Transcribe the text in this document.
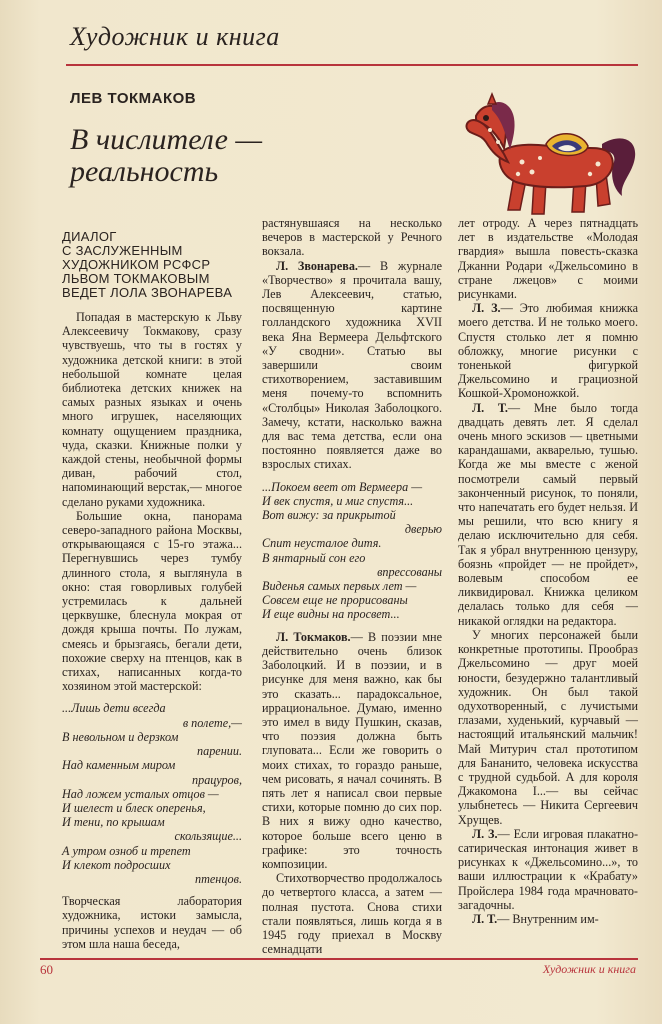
Художник и книга
ЛЕВ ТОКМАКОВ
В числителе —
реальность
ДИАЛОГ
С ЗАСЛУЖЕННЫМ
ХУДОЖНИКОМ РСФСР
ЛЬВОМ ТОКМАКОВЫМ
ВЕДЕТ ЛОЛА ЗВОНАРЕВА

Попадая в мастерскую к Льву Алексеевичу Токмакову, сразу чувствуешь, что ты в гостях у художника детской книги: в этой небольшой комнате целая библиотека детских книжек на самых разных языках и очень много игрушек, населяющих комнату ощущением праздника, чуда, сказки. Книжные полки у каждой стены, необычной формы диван, рабочий стол, напоминающий верстак,— многое сделано руками художника.

Большие окна, панорама северо-западного района Москвы, открывающаяся с 15-го этажа... Перегнувшись через тумбу длинного стола, я выглянула в окно: стая говорливых голубей устремилась к дальней церквушке, блеснула мокрая от дождя крыша почты. По лужам, смеясь и брызгаясь, бегали дети, похожие сверху на птенцов, как в стихах, написанных когда-то хозяином этой мастерской:

...Лишь дети всегда
в полете,—
В невольном и дерзком
парении.
Над каменным миром
працуров,
Над ложем усталых отцов —
И шелест и блеск оперенья,
И тени, по крышам
скользящие...
А утром озноб и трепет
И клекот подросших
птенцов.

Творческая лаборатория художника, истоки замысла, причины успехов и неудач — об этом шла наша беседа,

растянувшаяся на несколько вечеров в мастерской у Речного вокзала.

Л. Звонарева.— В журнале «Творчество» я прочитала вашу, Лев Алексеевич, статью, посвященную картине голландского художника XVII века Яна Вермеера Дельфтского «У сводни». Статью вы завершили своим стихотворением, заставившим меня почему-то вспомнить «Столбцы» Николая Заболоцкого. Замечу, кстати, насколько важна для вас тема детства, если она постоянно появляется даже во взрослых стихах.

...Покоем веет от Вермеера —
И век спустя, и миг спустя...
Вот вижу: за прикрытой
дверью
Спит неусталое дитя.
В янтарный сон его
впрессованы
Виденья самых первых лет —
Совсем еще не прорисованы
И еще видны на просвет...

Л. Токмаков.— В поэзии мне действительно очень близок Заболоцкий. И в поэзии, и в рисунке для меня важно, как бы это сказать... парадоксальное, иррациональное. Думаю, именно это имел в виду Пушкин, сказав, что поэзия должна быть глуповата... Если же говорить о моих стихах, то гораздо раньше, чем рисовать, я начал сочинять. В пять лет я написал свои первые стихи, которые помню до сих пор. В них я вижу одно качество, которое больше всего ценю в графике: это точность композиции.

Стихотворчество продолжалось до четвертого класса, а затем — полная пустота. Снова стихи стали появляться, лишь когда я в 1945 году приехал в Москву семнадцати

лет отроду. А через пятнадцать лет в издательстве «Молодая гвардия» вышла повесть-сказка Джанни Родари «Джельсомино в стране лжецов» с моими рисунками.

Л. З.— Это любимая книжка моего детства. И не только моего. Спустя столько лет я помню обложку, многие рисунки с тоненькой фигуркой Джельсомино и грациозной Кошкой-Хромоножкой.

Л. Т.— Мне было тогда двадцать девять лет. Я сделал очень много эскизов — цветными карандашами, акварелью, тушью. Когда же мы вместе с женой посмотрели самый первый законченный рисунок, то поняли, что напечатать его будет нельзя. И мы решили, что всю книгу я делаю исключительно для себя. Так я убрал внутреннюю цензуру, боязнь «пройдет — не пройдет», волевым способом ее ликвидировал. Книжка целиком делалась только для себя — никакой оглядки на редактора.

У многих персонажей были конкретные прототипы. Прообраз Джельсомино — друг моей юности, безудержно талантливый художник. Он был такой одухотворенный, с лучистыми глазами, худенький, курчавый — настоящий итальянский мальчик! Май Митурич стал прототипом для Бананито, человека искусства с трудной судьбой. А для короля Джакомона I...— вы сейчас улыбнетесь — Никита Сергеевич Хрущев.

Л. З.— Если игровая плакатно-сатирическая интонация живет в рисунках к «Джельсомино...», то ваши иллюстрации к «Крабату» Пройслера 1984 года мрачновато-загадочны.

Л. Т.— Внутренним им-

60	Художник и книга
